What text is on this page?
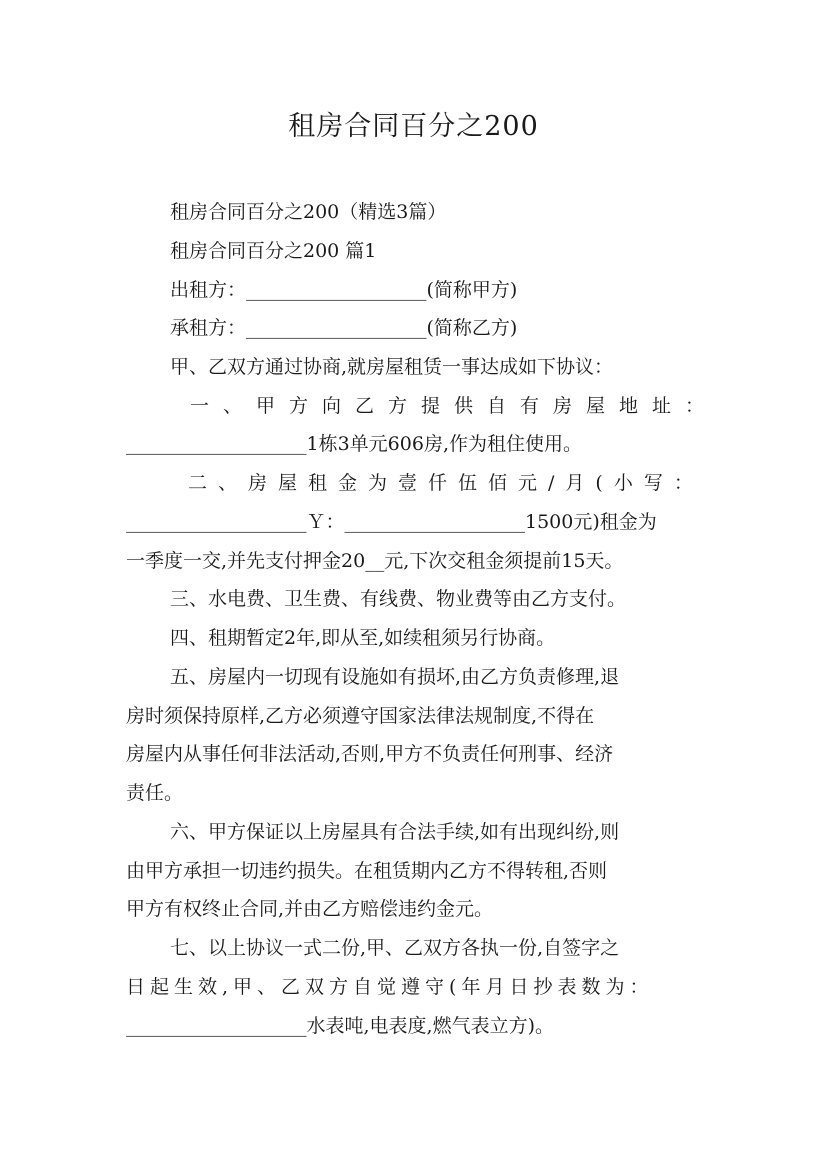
租房合同百分之200
租房合同百分之200（精选3篇）
租房合同百分之200 篇1
出租方：___________________(简称甲方)
承租方：___________________(简称乙方)
甲、乙双方通过协商,就房屋租赁一事达成如下协议：
一、甲方向乙方提供自有房屋地址：
___________________1栋3单元606房,作为租住使用。
二、房屋租金为壹仟伍佰元/月(小写：
___________________Ｙ：___________________1500元)租金为
一季度一交,并先支付押金20__元,下次交租金须提前15天。
三、水电费、卫生费、有线费、物业费等由乙方支付。
四、租期暂定2年,即从至,如续租须另行协商。
五、房屋内一切现有设施如有损坏,由乙方负责修理,退
房时须保持原样,乙方必须遵守国家法律法规制度,不得在
房屋内从事任何非法活动,否则,甲方不负责任何刑事、经济
责任。
六、甲方保证以上房屋具有合法手续,如有出现纠纷,则
由甲方承担一切违约损失。在租赁期内乙方不得转租,否则
甲方有权终止合同,并由乙方赔偿违约金元。
七、以上协议一式二份,甲、乙双方各执一份,自签字之
日起生效,甲、乙双方自觉遵守(年月日抄表数为：
___________________水表吨,电表度,燃气表立方)。
